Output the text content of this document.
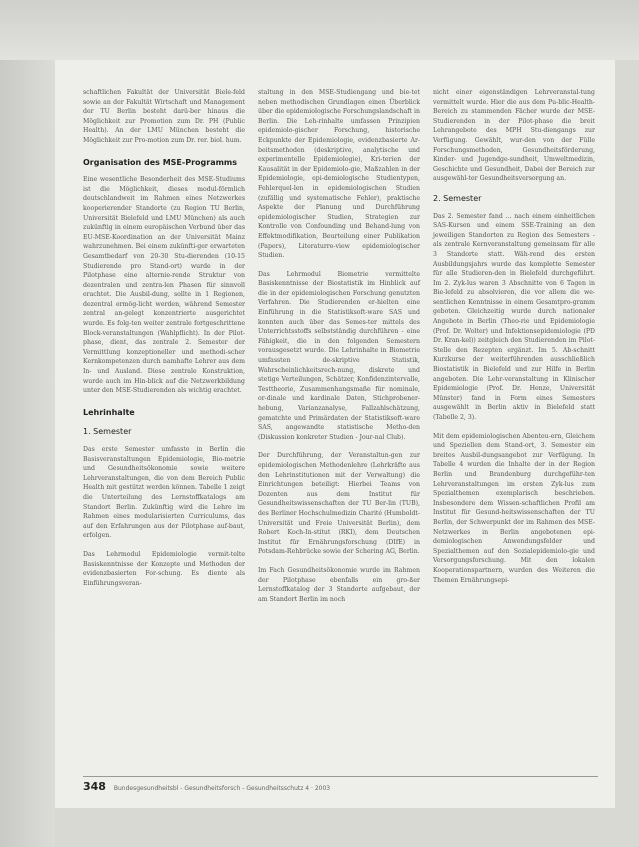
schaftlichen Fakultät der Universität Biele-feld sowie an der Fakultät Wirtschaft und Management der TU Berlin besteht darü-ber hinaus die Möglichkeit zur Promotion zum Dr. PH (Public Health). An der LMU München besteht die Möglichkeit zur Pro-motion zum Dr. rer. biol. hum.

Organisation des MSE-Programms

Eine wesentliche Besonderheit des MSE-Studiums ist die Möglichkeit, dieses modul-förmlich deutschlandweit im Rahmen eines Netzwerkes kooperierender Standorte (zu Region TU Berlin, Universität Bielefeld und LMU München) als auch zukünftig in einem europäischen Verbund über das EU-MSE-Koordination an der Universität Mainz wahrzunehmen. Bei einem zukünfti-ger erwarteten Gesamtbedarf von 20-30 Stu-dierenden (10-15 Studierende pro Stand-ort) wurde in der Pilotphase eine alternie-rende Struktur von dezentralen und zentra-len Phasen für sinnvoll erachtet. Die Ausbil-dung, sollte in 1 Regionen, dezentral ermög-licht werden, während Semester zentral an-gelegt konzentrierte ausgerichtet wurde. Es folg-ten weiter zentrale fortgeschrittene Block-veranstaltungen (Wahlpflicht). In der Pilot-phase, dient, das zentrale 2. Semester der Vermittlung konzeptioneller und methodi-scher Kernkompetenzen durch namhafte Lehrer aus dem In- und Ausland. Diese zentrale Konstruktion, wurde auch im Hin-blick auf die Netzwerkbildung unter den MSE-Studierenden als wichtig erachtet.

Lehrinhalte
1. Semester

Das erste Semester umfasste in Berlin die Basisveranstaltungen Epidemiologie, Bio-metrie und Gesundheitsökonomie sowie weitere Lehrveranstaltungen, die von dem Bereich Public Health mit gestützt werden können. Tabelle 1 zeigt die Unterteilung des Lernstoffkatalogs am Standort Berlin. Zukünftig wird die Lehre im Rahmen eines modularisierten Curriculums, das auf den Erfahrungen aus der Pilotphase auf-baut, erfolgen.

Das Lehrmodul Epidemiologie vermit-telte Basiskenntnisse der Konzepte und Methoden der evidenzbasierten For-schung. Es diente als Einführungsveran-

staltung in den MSE-Studiengang und bie-tet neben methodischen Grundlagen einen Überblick über die epidemiologische Forschungslandschaft in Berlin. Die Leh-rinhalte umfassen Prinzipien epidemiolo-gischer Forschung, historische Eckpunkte der Epidemiologie, evidenzbasierte Ar-beitsmethoden (deskriptive, analytische und experimentelle Epidemiologie), Kri-terien der Kausalität in der Epidemiolo-gie, Maßzahlen in der Epidemiologie, epi-demiologische Studientypen, Fehlerquel-len in epidemiologischen Studien (zufällig und systematische Fehler), praktische Aspekte der Planung und Durchführung epidemiologischer Studien, Strategien zur Kontrolle von Confounding und Behand-lung von Effektmodifikation, Beurteilung einer Publikation (Papers), Literaturre-view epidemiologischer Studien.

Das Lehrmodul Biometrie vermittelte Basiskenntnisse der Biostatistik im Hinblick auf die in der epidemiologischen Forschung genutzten Verfahren. Die Studierenden er-hielten eine Einführung in die Statistiksoft-ware SAS und konnten auch über das Semes-ter mittels des Unterrichtsstoffs selbstständig durchführen - eine Fähigkeit, die in den folgenden Semestern vorausgesetzt wurde. Die Lehrinhalte in Biometrie umfassten de-skriptive Statistik, Wahrscheinlichkeitsrech-nung, diskrete und stetige Verteilungen, Schätzer, Konfidenzintervalle, Testtheorie, Zusammenhangsmaße für nominale, or-dinale und kardinale Daten, Stichprobener-hebung, Varianzanalyse, Fallzahlschätzung, gematchte und Primärdaten der Statistiksoft-ware SAS, angewandte statistische Metho-den (Diskussion konkreter Studien - Jour-nal Club).

Der Durchführung, der Veranstaltun-gen zur epidemiologischen Methodenlehre (Lehrkräfte aus den Lehrinstitutionen mit der Verwaltung) die Einrichtungen beteiligt: Hierbei Teams von Dozenten aus dem Institut für Gesundheitswissenschaften der TU Ber-lin (TUB), des Berliner Hochschulmedizin Charité (Humboldt-Universität und Freie Universität Berlin), dem Robert Koch-In-stitut (RKI), dem Deutschen Institut für Ernährungsforschung (DIfE) in Potsdam-Rehbrücke sowie der Schering AG, Berlin.

Im Fach Gesundheitsökonomie wurde im Rahmen der Pilotphase ebenfalls ein gro-ßer Lernstoffkatalog der 3 Standorte aufgebaut, der am Standort Berlin im noch

nicht einer eigenständigen Lehrveranstal-tung vermittelt wurde. Hier die aus dem Pu-blic-Health-Bereich zu stammenden Fächer wurde der MSE-Studierenden in der Pilot-phase die breit Lehrangebote des MPH Stu-diengangs zur Verfügung. Gewählt, wur-den von der Fülle Forschungsmethoden, Gesundheitsförderung, Kinder- und Jugendge-sundheit, Umweltmedizin, Geschichte und Gesundheit, Dabei der Bereich zur ausgewähl-ter Gesundheitsversorgung an.

2. Semester

Das 2. Semester fand ... nach einem einheitlichen SAS-Kursen und einem SSE-Training an den jeweiligen Standorten zu Region des Semesters - als zentrale Kernveranstaltung gemeinsam für alle 3 Standorte statt. Wäh-rend des ersten Ausbildungsjahrs wurde das komplette Semester für alle Studieren-den in Bielefeld durchgeführt. Im 2. Zyk-lus waren 3 Abschnitte von 6 Tagen in Bie-lefeld zu absolvieren, die vor allem die we-sentlichen Kenntnisse in einem Gesamtpro-gramm geboten. Gleichzeitig wurde durch nationaler Angebote in Berlin (Theo-rie und Epidemiologie (Prof. Dr. Wolter) und Infektionsepidemiologie (PD Dr. Kran-kel)) zeitgleich den Studierenden im Pilot-Stelle den Rezepten ergänzt. Im 5. Ab-schnitt Kurzkurse der weiterführenden ausschließlich Biostatistik in Bielefeld und zur Hilfe in Berlin angeboten. Die Lehr-veranstaltung in Klinischer Epidemiologie (Prof. Dr. Henze, Universität Münster) fand in Form eines Semesters ausgewählt in Berlin aktiv in Bielefeld statt (Tabelle 2, 3).

Mit dem epidemiologischen Abenteu-ern, Gleichem und Speziellen dem Stand-ort, 3. Semester ein breites Ausbil-dungsangebot zur Verfügung. In Tabelle 4 wurden die Inhalte der in der Region Berlin und Brandenburg durchgeführ-ten Lehrveranstaltungen im ersten Zyk-lus zum Spezialthemen exemplarisch beschrieben. Insbesondere dem Wissen-schaftlichen Profil am Institut für Gesund-heitswissenschaften der TU Berlin, der Schwerpunkt der im Rahmen des MSE-Netzwerkes in Berlin angebotenen epi-demiologischen Anwendungsfelder und Spezialthemen auf den Sozialepidemiolo-gie und Versorgungsforschung. Mit den lokalen Kooperationspartnern, wurden des Weiteren die Themen Ernährungsepi-

348 Bundesgesundheitsbl - Gesundheitsforsch - Gesundheitsschutz 4 · 2003
